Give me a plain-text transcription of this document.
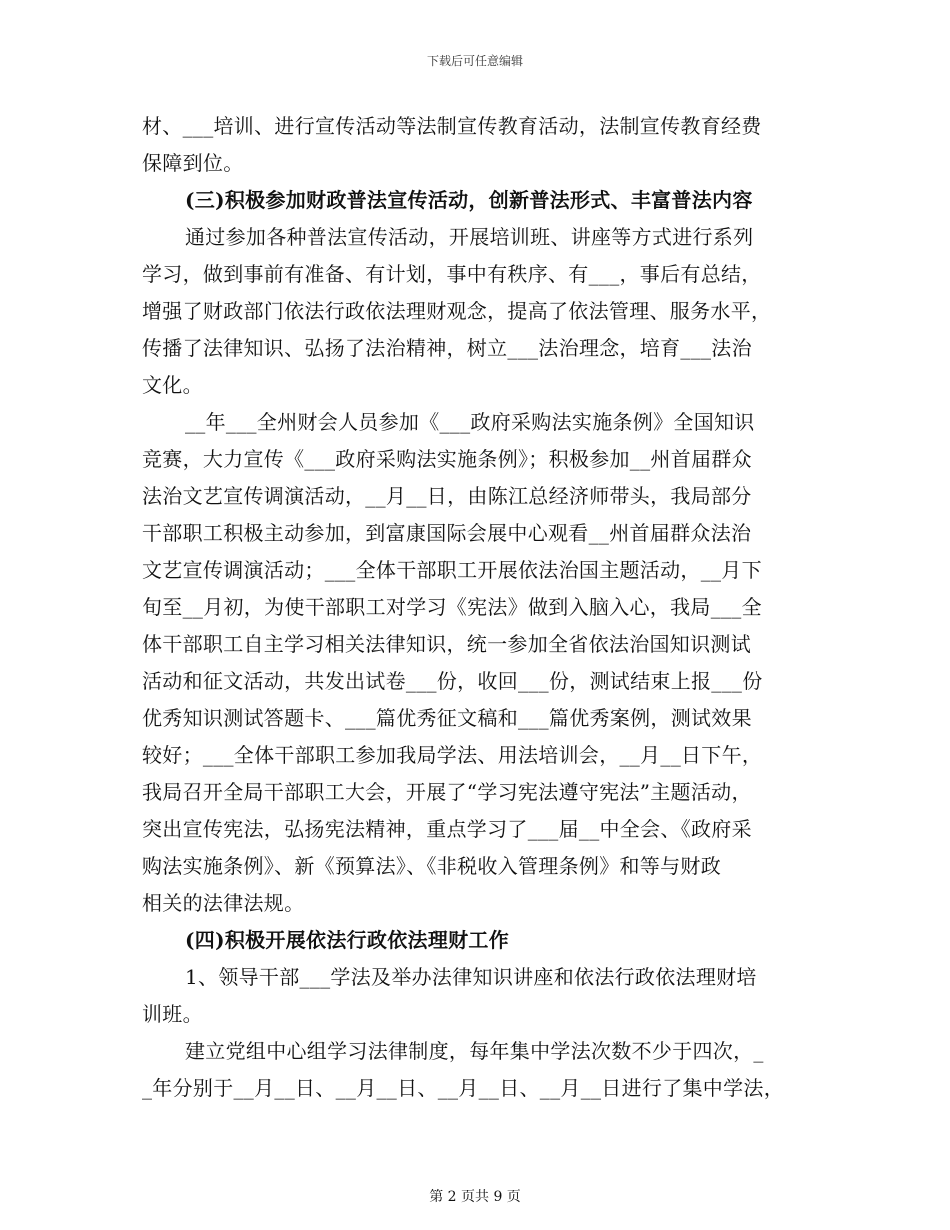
下载后可任意编辑
材、___培训、进行宣传活动等法制宣传教育活动，法制宣传教育经费
保障到位。
(三)积极参加财政普法宣传活动，创新普法形式、丰富普法内容
通过参加各种普法宣传活动，开展培训班、讲座等方式进行系列
学习，做到事前有准备、有计划，事中有秩序、有___，事后有总结，
增强了财政部门依法行政依法理财观念，提高了依法管理、服务水平，
传播了法律知识、弘扬了法治精神，树立___法治理念，培育___法治
文化。
__年___全州财会人员参加《___政府采购法实施条例》全国知识
竞赛，大力宣传《___政府采购法实施条例》；积极参加__州首届群众
法治文艺宣传调演活动，__月__日，由陈江总经济师带头，我局部分
干部职工积极主动参加，到富康国际会展中心观看__州首届群众法治
文艺宣传调演活动；___全体干部职工开展依法治国主题活动，__月下
旬至__月初，为使干部职工对学习《宪法》做到入脑入心，我局___全
体干部职工自主学习相关法律知识，统一参加全省依法治国知识测试
活动和征文活动，共发出试卷___份，收回___份，测试结束上报___份
优秀知识测试答题卡、___篇优秀征文稿和___篇优秀案例，测试效果
较好；___全体干部职工参加我局学法、用法培训会，__月__日下午，
我局召开全局干部职工大会，开展了“学习宪法遵守宪法”主题活动，
突出宣传宪法，弘扬宪法精神，重点学习了___届__中全会、《政府采
购法实施条例》、新《预算法》、《非税收入管理条例》和等与财政
相关的法律法规。
(四)积极开展依法行政依法理财工作
1、领导干部___学法及举办法律知识讲座和依法行政依法理财培
训班。
建立党组中心组学习法律制度，每年集中学法次数不少于四次，_
_年分别于__月__日、__月__日、__月__日、__月__日进行了集中学法，
第 2 页共 9 页
